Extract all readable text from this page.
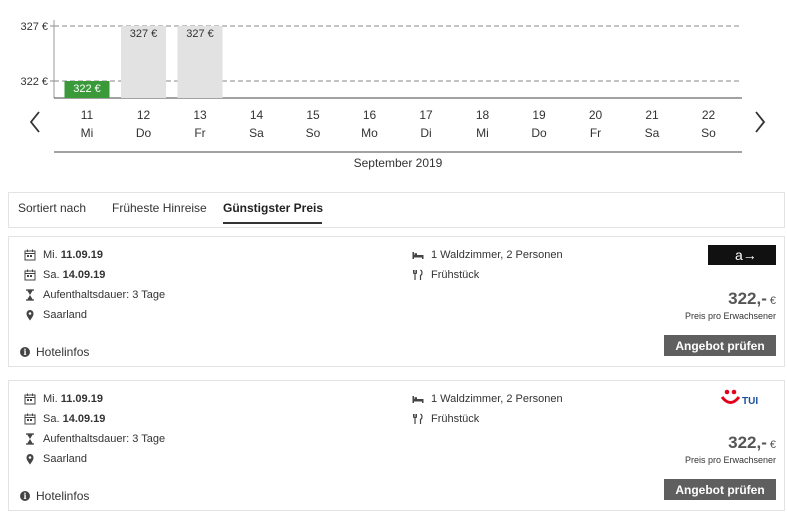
327 €
322 €
322 €
11
Mi
327 €
12
Do
327 €
13
Fr
14
Sa
15
So
16
Mo
17
Di
18
Mi
19
Do
20
Fr
21
Sa
22
So
September 2019
Sortiert nach Früheste Hinreise Günstigster Preis
Mi.
11.09.19
Sa.
14.09.19
Aufenthaltsdauer: 3 Tage
Saarland
1 Waldzimmer, 2 Personen
Frühstück
a→
322,- €
Preis pro Erwachsener
i Hotelinfos	Angebot prüfen
Mi.
11.09.19
Sa.
14.09.19
Aufenthaltsdauer: 3 Tage
Saarland
1 Waldzimmer, 2 Personen
Frühstück
TUI
322,- €
Preis pro Erwachsener
i Hotelinfos	Angebot prüfen
